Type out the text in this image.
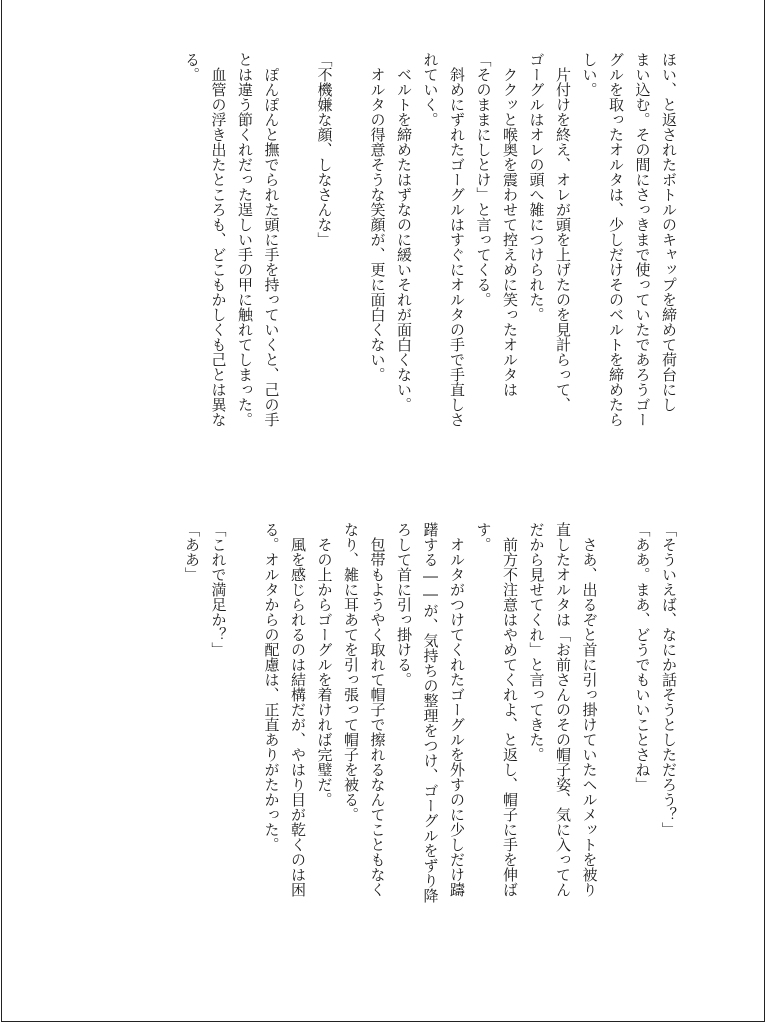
ほい、と返されたボトルのキャップを締めて荷台にし

まい込む。その間にさっきまで使っていたであろうゴー

グルを取ったオルタは、少しだけそのベルトを締めたら

しい。

　片付けを終え、オレが頭を上げたのを見計らって、

ゴーグルはオレの頭へ雑につけられた。

　ククッと喉奥を震わせて控えめに笑ったオルタは

「そのままにしとけ」と言ってくる。

　斜めにずれたゴーグルはすぐにオルタの手で手直しさ

れていく。

　ベルトを締めたはずなのに緩いそれが面白くない。

　オルタの得意そうな笑顔が、更に面白くない。

「不機嫌な顔、しなさんな」

　ぽんぽんと撫でられた頭に手を持っていくと、己の手

とは違う節くれだった逞しい手の甲に触れてしまった。

　血管の浮き出たところも、どこもかしくも己とは異な

る。

「そういえば、なにか話そうとしただろう？」

「ああ。まあ、どうでもいいことさね」

　さあ、出るぞと首に引っ掛けていたヘルメットを被り

直したオルタは「お前さんのその帽子姿、気に入ってん

だから見せてくれ」と言ってきた。

　前方不注意はやめてくれよ、と返し、帽子に手を伸ば

す。

　オルタがつけてくれたゴーグルを外すのに少しだけ躊

躇する――が、気持ちの整理をつけ、ゴーグルをずり降

ろして首に引っ掛ける。

　包帯もようやく取れて帽子で擦れるなんてこともなく

なり、雑に耳あてを引っ張って帽子を被る。

　その上からゴーグルを着ければ完璧だ。

　風を感じられるのは結構だが、やはり目が乾くのは困

る。オルタからの配慮は、正直ありがたかった。

「これで満足か？」

「ああ」
